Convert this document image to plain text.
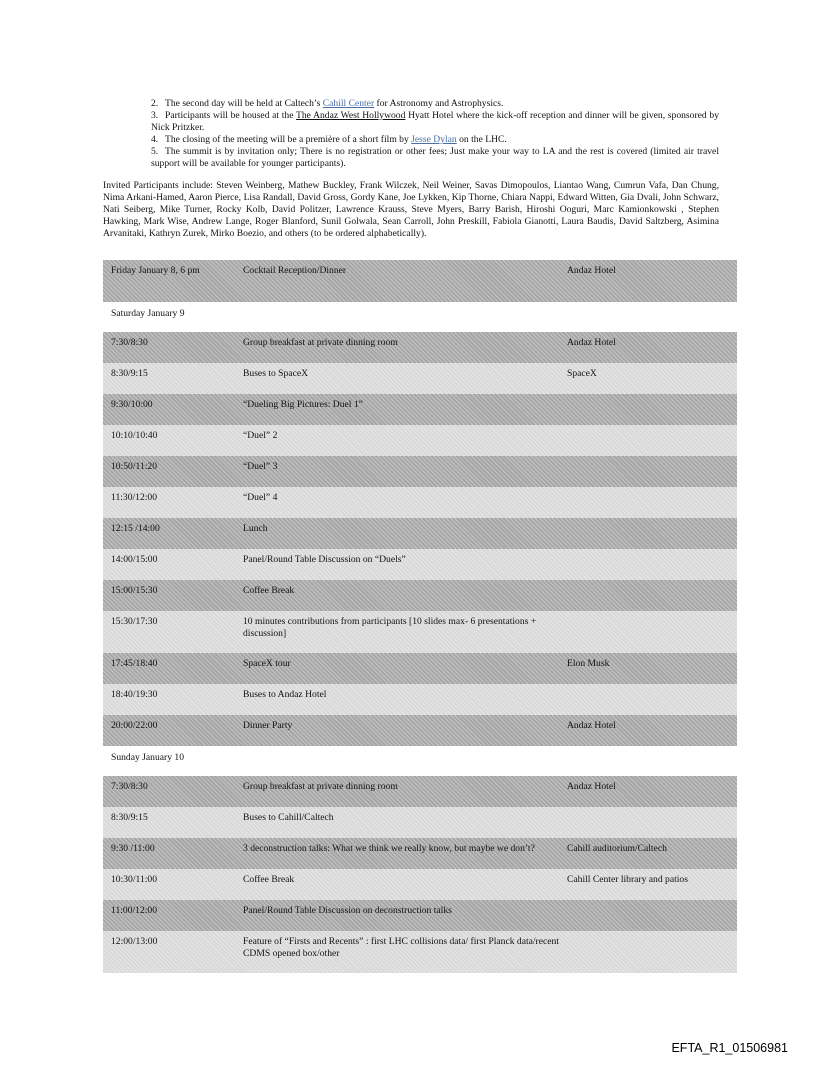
2. The second day will be held at Caltech’s Cahill Center for Astronomy and Astrophysics.

3. Participants will be housed at the The Andaz West Hollywood Hyatt Hotel where the kick-off reception and dinner will be given, sponsored by Nick Pritzker.

4. The closing of the meeting will be a première of a short film by Jesse Dylan on the LHC.

5. The summit is by invitation only; There is no registration or other fees; Just make your way to LA and the rest is covered (limited air travel support will be available for younger participants).

Invited Participants include: Steven Weinberg, Mathew Buckley, Frank Wilczek, Neil Weiner, Savas Dimopoulos, Liantao Wang, Cumrun Vafa, Dan Chung, Nima Arkani-Hamed, Aaron Pierce, Lisa Randall, David Gross, Gordy Kane, Joe Lykken, Kip Thorne, Chiara Nappi, Edward Witten, Gia Dvali, John Schwarz, Nati Seiberg, Mike Turner, Rocky Kolb, David Politzer, Lawrence Krauss, Steve Myers, Barry Barish, Hiroshi Ooguri, Marc Kamionkowski , Stephen Hawking, Mark Wise, Andrew Lange, Roger Blanford, Sunil Golwala, Sean Carroll, John Preskill, Fabiola Gianotti, Laura Baudis, David Saltzberg, Asimina Arvanitaki, Kathryn Zurek, Mirko Boezio, and others (to be ordered alphabetically).

Friday January 8, 6 pm	Cocktail Reception/Dinner	Andaz Hotel
Saturday January 9
7:30/8:30	Group breakfast at private dinning room	Andaz Hotel
8:30/9:15	Buses to SpaceX	SpaceX
9:30/10:00	“Dueling Big Pictures: Duel 1”
10:10/10:40	“Duel” 2
10:50/11:20	“Duel” 3
11:30/12:00	“Duel” 4
12:15 /14:00	Lunch
14:00/15:00	Panel/Round Table Discussion on “Duels”
15:00/15:30	Coffee Break
15:30/17:30	10 minutes contributions from participants [10 slides max- 6 presentations + discussion]
17:45/18:40	SpaceX tour	Elon Musk
18:40/19:30	Buses to Andaz Hotel
20:00/22:00	Dinner Party	Andaz Hotel
Sunday January 10
7:30/8:30	Group breakfast at private dinning room	Andaz Hotel
8:30/9:15	Buses to Cahill/Caltech
9:30 /11:00	3 deconstruction talks: What we think we really know, but maybe we don’t?	Cahill auditorium/Caltech
10:30/11:00	Coffee Break	Cahill Center library and patios
11:00/12:00	Panel/Round Table Discussion on deconstruction talks
12:00/13:00	Feature of “Firsts and Recents” : first LHC collisions data/ first Planck data/recent CDMS opened box/other
EFTA_R1_01506981
